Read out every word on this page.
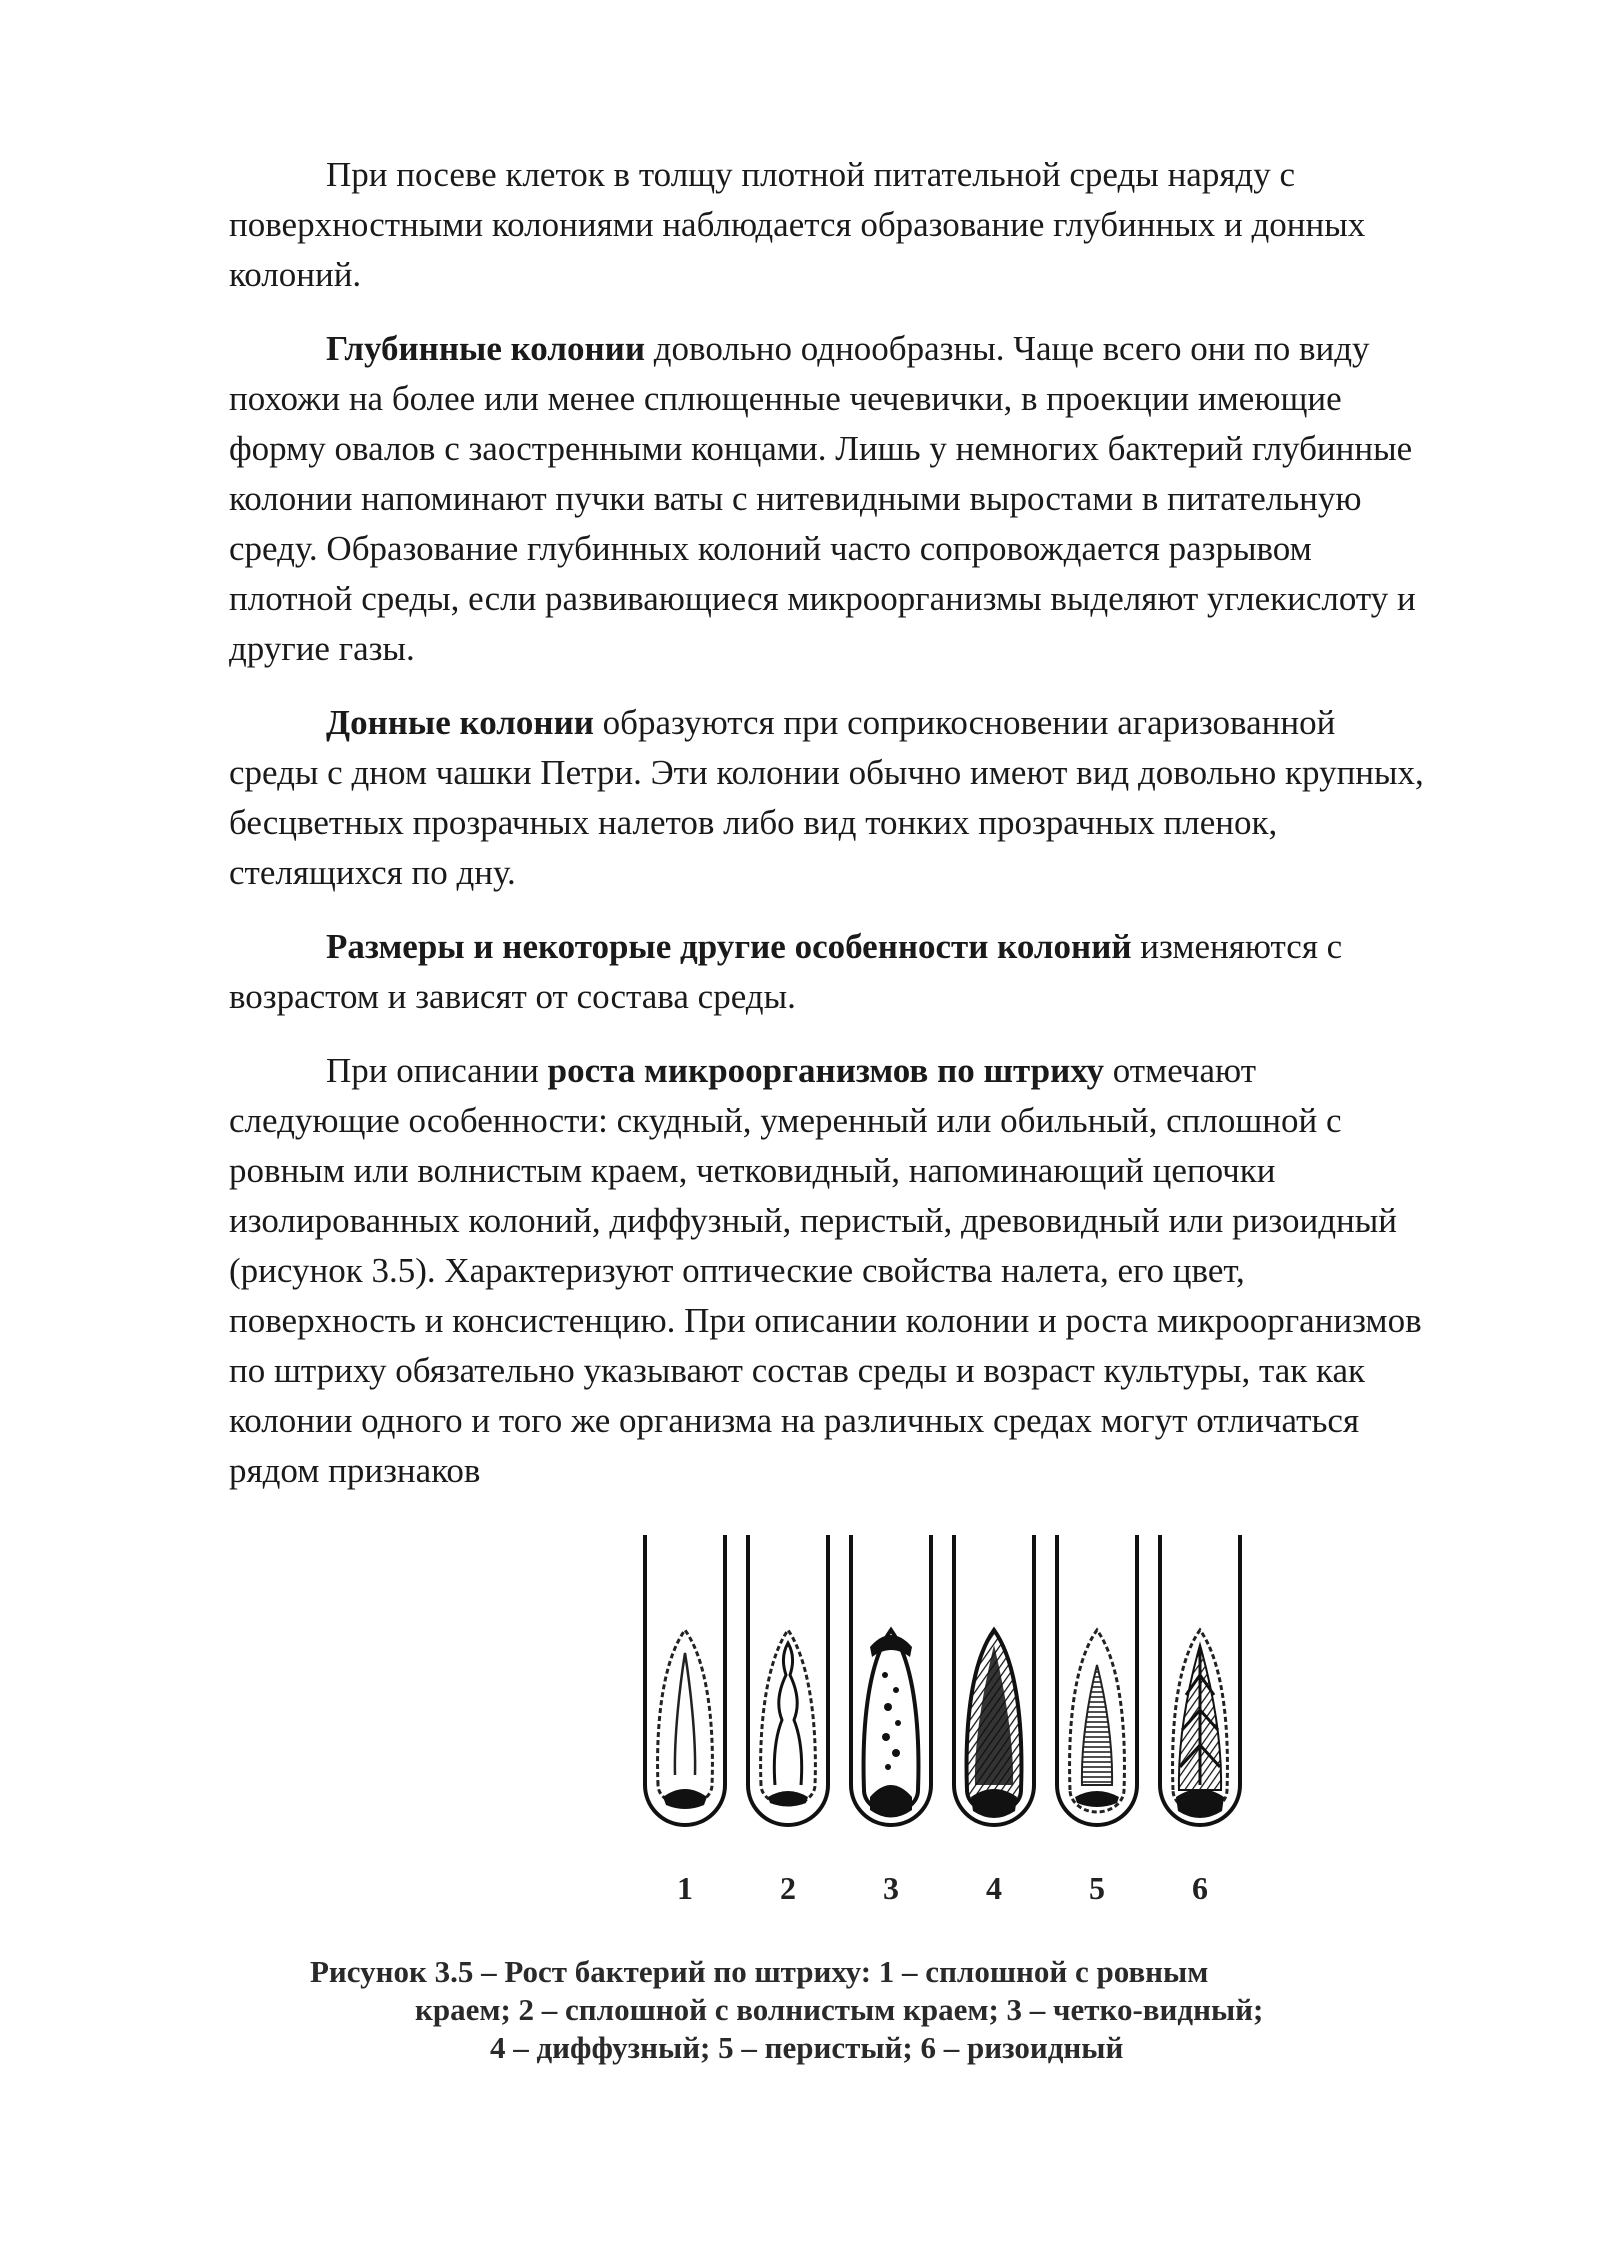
При посеве клеток в толщу плотной питательной среды наряду с поверхностными колониями наблюдается образование глубинных и донных колоний.

Глубинные колонии довольно однообразны. Чаще всего они по виду похожи на более или менее сплющенные чечевички, в проекции имеющие форму овалов с заостренными концами. Лишь у немногих бактерий глубинные колонии напоминают пучки ваты с нитевидными выростами в питательную среду. Образование глубинных колоний часто сопровождается разрывом плотной среды, если развивающиеся микроорганизмы выделяют углекислоту и другие газы.

Донные колонии образуются при соприкосновении агаризованной среды с дном чашки Петри. Эти колонии обычно имеют вид довольно крупных, бесцветных прозрачных налетов либо вид тонких прозрачных пленок, стелящихся по дну.

Размеры и некоторые другие особенности колоний изменяются с возрастом и зависят от состава среды.

При описании роста микроорганизмов по штриху отмечают следующие особенности: скудный, умеренный или обильный, сплошной с ровным или волнистым краем, четковидный, напоминающий цепочки изолированных колоний, диффузный, перистый, древовидный или ризоидный (рисунок 3.5). Характеризуют оптические свойства налета, его цвет, поверхность и консистенцию. При описании колонии и роста микроорганизмов по штриху обязательно указывают состав среды и возраст культуры, так как колонии одного и того же организма на различных средах могут отличаться рядом признаков

1	2	3	4	5	6
Рисунок 3.5 – Рост бактерий по штриху: 1 – сплошной с ровным
краем; 2 – сплошной с волнистым краем; 3 – четко-видный;
4 – диффузный; 5 – перистый; 6 – ризоидный
